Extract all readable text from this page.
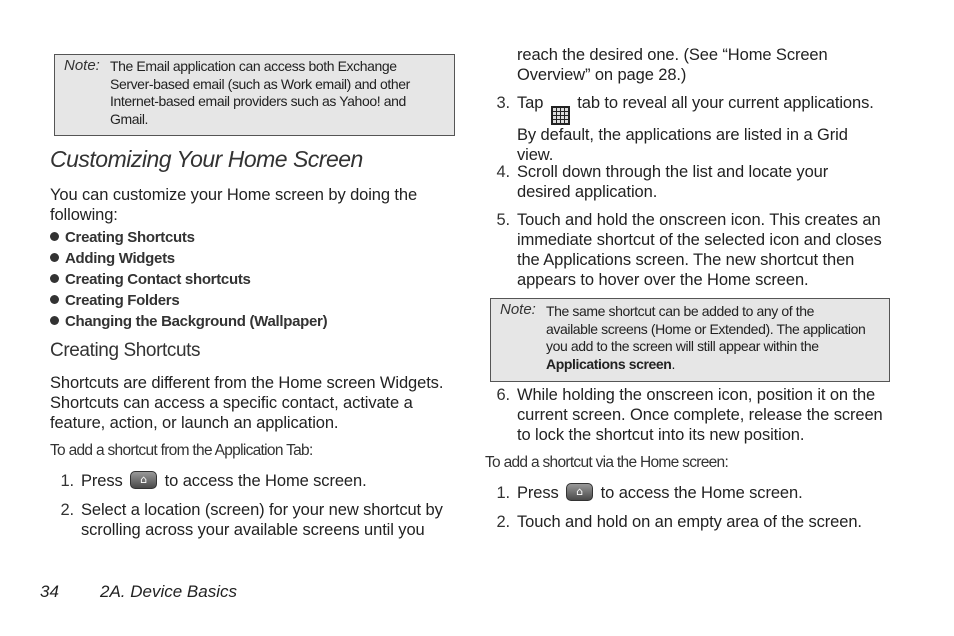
Note: The Email application can access both Exchange
Server-based email (such as Work email) and other
Internet-based email providers such as Yahoo! and
Gmail.
Customizing Your Home Screen
You can customize your Home screen by doing the
following:
Creating Shortcuts
Adding Widgets
Creating Contact shortcuts
Creating Folders
Changing the Background (Wallpaper)
Creating Shortcuts
Shortcuts are different from the Home screen Widgets.
Shortcuts can access a specific contact, activate a
feature, action, or launch an application.
To add a shortcut from the Application Tab:
1. Press ⌂	to access the Home screen.
2. Select a location (screen) for your new shortcut by
scrolling across your available screens until you
reach the desired one. (See “Home Screen
Overview” on page 28.)
3. Tap tab to reveal all your current applications.
By default, the applications are listed in a Grid
view.
4. Scroll down through the list and locate your
desired application.
5. Touch and hold the onscreen icon. This creates an
immediate shortcut of the selected icon and closes
the Applications screen. The new shortcut then
appears to hover over the Home screen.
Note: The same shortcut can be added to any of the
available screens (Home or Extended). The application
you add to the screen will still appear within the
Applications screen.
6. While holding the onscreen icon, position it on the
current screen. Once complete, release the screen
to lock the shortcut into its new position.
To add a shortcut via the Home screen:
1. Press ⌂	to access the Home screen.
2. Touch and hold on an empty area of the screen.
34 2A. Device Basics
